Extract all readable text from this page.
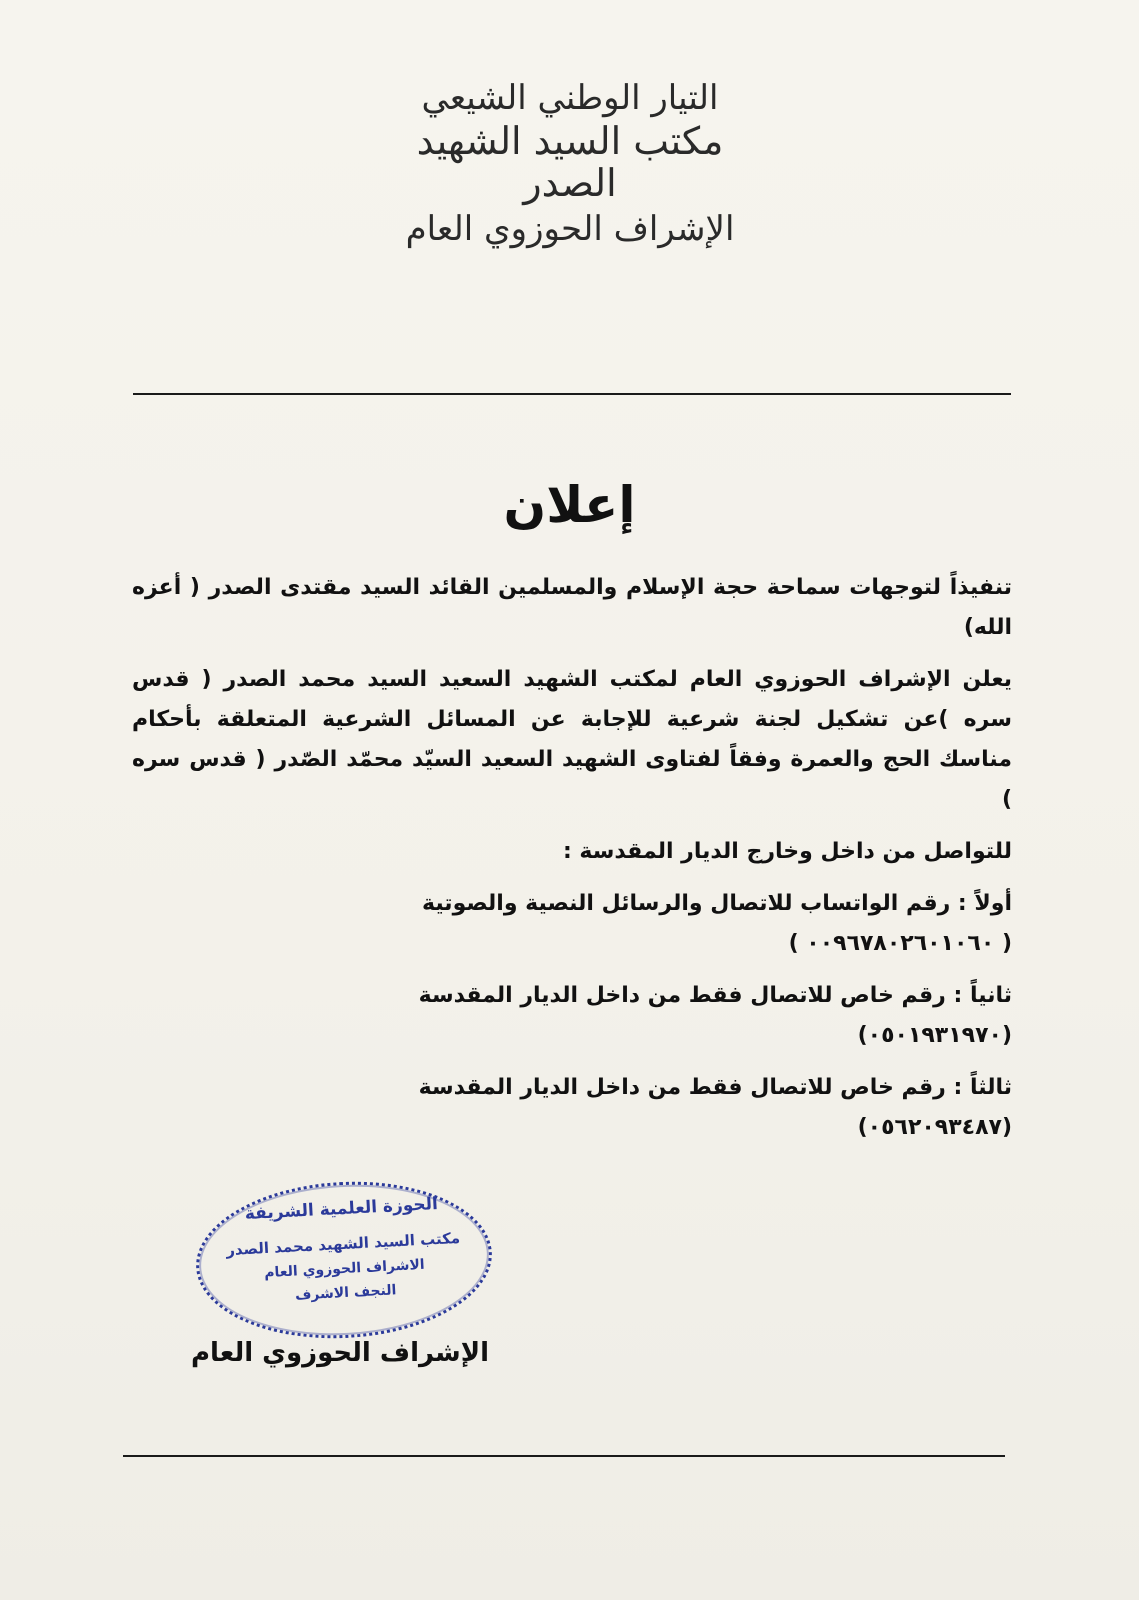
التيار الوطني الشيعي
مكتب السيد الشهيد الصدر
الإشراف الحوزوي العام
إعلان

تنفيذاً لتوجهات سماحة حجة الإسلام والمسلمين القائد السيد مقتدى الصدر ( أعزه الله)

يعلن الإشراف الحوزوي العام لمكتب الشهيد السعيد السيد محمد الصدر ( قدس سره )عن تشكيل لجنة شرعية للإجابة عن المسائل الشرعية المتعلقة بأحكام مناسك الحج والعمرة وفقاً لفتاوى الشهيد السعيد السيّد محمّد الصّدر ( قدس سره )

للتواصل من داخل وخارج الديار المقدسة :

أولاً : رقم الواتساب للاتصال والرسائل النصية والصوتية
( ٠٠٩٦٧٨٠٢٦٠١٠٦٠ )

ثانياً : رقم خاص للاتصال فقط من داخل الديار المقدسة
(٠٥٠١٩٣١٩٧٠)

ثالثاً : رقم خاص للاتصال فقط من داخل الديار المقدسة
(٠٥٦٢٠٩٣٤٨٧)

الحوزة العلمية الشريفة
مكتب السيد الشهيد محمد الصدر
الاشراف الحوزوي العام
النجف الاشرف
الإشراف الحوزوي العام
